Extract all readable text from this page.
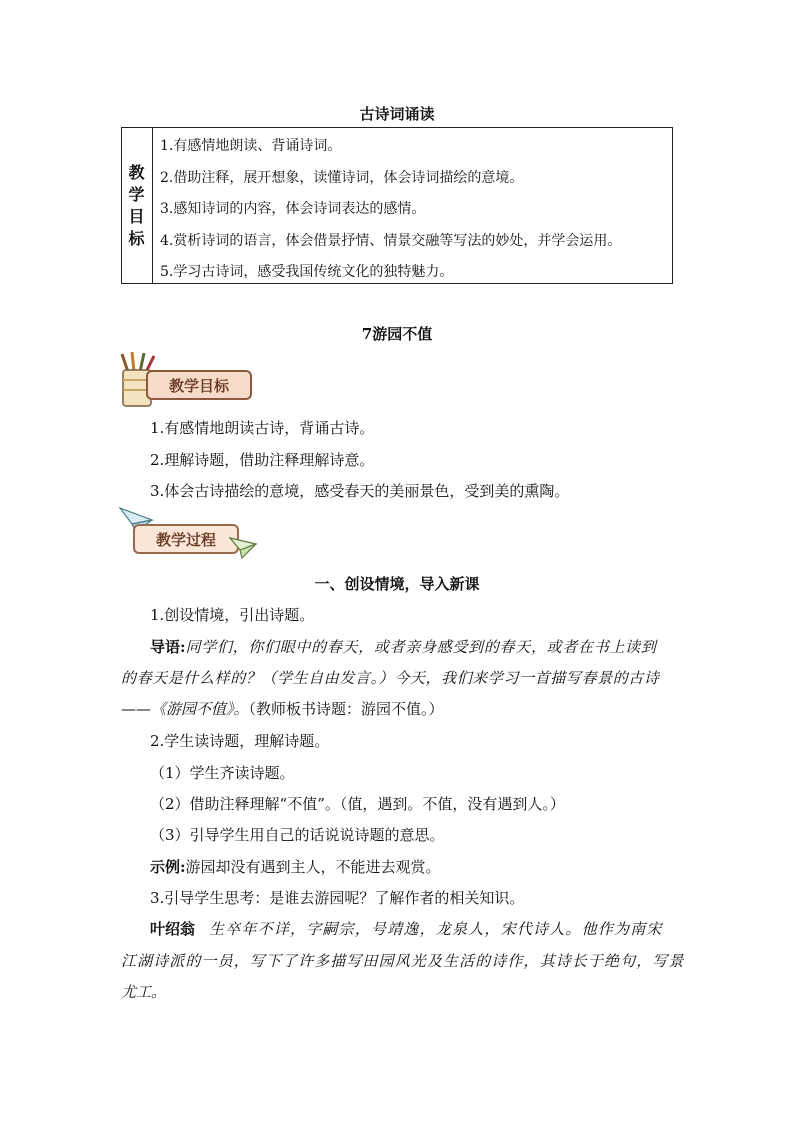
古诗词诵读
教
学
目
标
1.有感情地朗读、背诵诗词。
2.借助注释，展开想象，读懂诗词，体会诗词描绘的意境。
3.感知诗词的内容，体会诗词表达的感情。
4.赏析诗词的语言，体会借景抒情、情景交融等写法的妙处，并学会运用。
5.学习古诗词，感受我国传统文化的独特魅力。
7游园不值
教学目标
1.有感情地朗读古诗，背诵古诗。
2.理解诗题，借助注释理解诗意。
3.体会古诗描绘的意境，感受春天的美丽景色，受到美的熏陶。
教学过程
一、创设情境，导入新课
1.创设情境，引出诗题。
导语:同学们，你们眼中的春天，或者亲身感受到的春天，或者在书上读到
的春天是什么样的？（学生自由发言。）今天，我们来学习一首描写春景的古诗
——《游园不值》。（教师板书诗题：游园不值。）
2.学生读诗题，理解诗题。
（1）学生齐读诗题。
（2）借助注释理解“不值”。（值，遇到。不值，没有遇到人。）
（3）引导学生用自己的话说说诗题的意思。
示例:游园却没有遇到主人，不能进去观赏。
3.引导学生思考：是谁去游园呢？了解作者的相关知识。
叶绍翁 生卒年不详，字嗣宗，号靖逸，龙泉人，宋代诗人。他作为南宋
江湖诗派的一员，写下了许多描写田园风光及生活的诗作，其诗长于绝句，写景
尤工。
